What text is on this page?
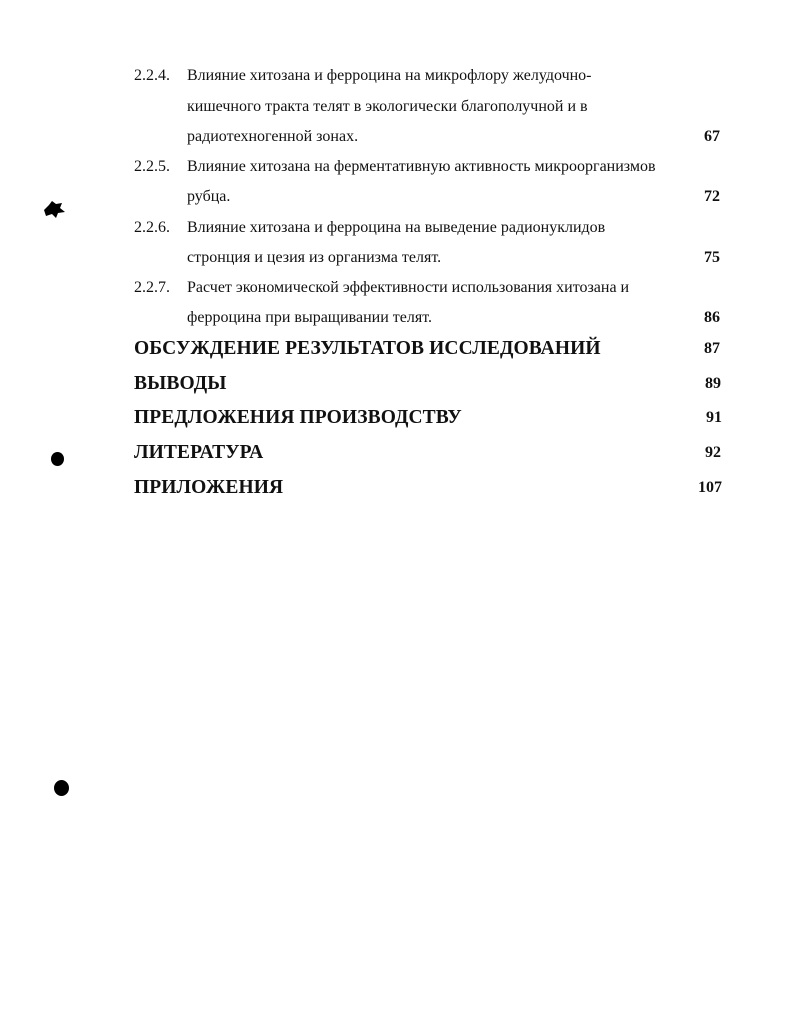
2.2.4. Влияние хитозана и ферроцина на микрофлору желудочно-
кишечного тракта телят в экологически благополучной и в
радиотехногенной зонах.	67
2.2.5. Влияние хитозана на ферментативную активность микроорганизмов
рубца.	72
2.2.6. Влияние хитозана и ферроцина на выведение радионуклидов
стронция и цезия из организма телят.	75
2.2.7. Расчет экономической эффективности использования хитозана и
ферроцина при выращивании телят.	86
ОБСУЖДЕНИЕ РЕЗУЛЬТАТОВ ИССЛЕДОВАНИЙ	87
ВЫВОДЫ	89
ПРЕДЛОЖЕНИЯ ПРОИЗВОДСТВУ	91
ЛИТЕРАТУРА	92
ПРИЛОЖЕНИЯ	107
